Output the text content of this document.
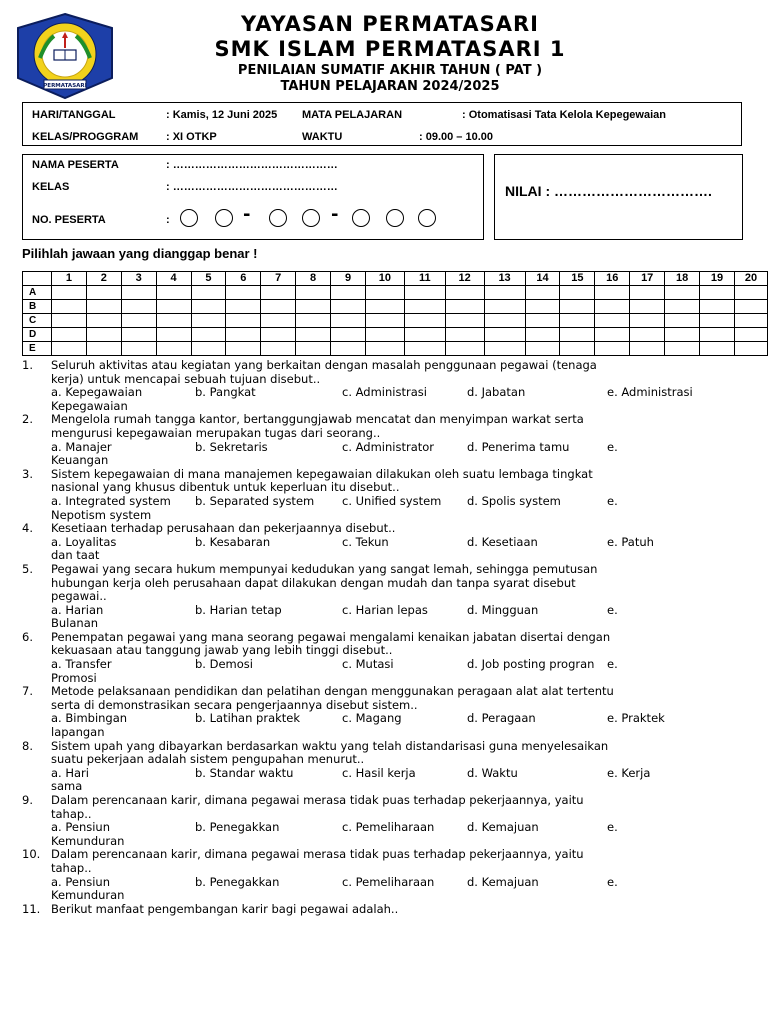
PERMATASARI
YAYASAN PERMATASARI
SMK ISLAM PERMATASARI 1
PENILAIAN SUMATIF AKHIR TAHUN ( PAT )
TAHUN PELAJARAN 2024/2025
HARI/TANGGAL	: Kamis, 12 Juni 2025 MATA PELAJARAN	: Otomatisasi Tata Kelola Kepegewaian
KELAS/PROGGRAM	: XI OTKP	WAKTU	: 09.00 – 10.00
NAMA PESERTA	: ………………………………………
KELAS	: ………………………………………
NO. PESERTA	:	-	-
NILAI : …………………………….
Pilihlah jawaan yang dianggap benar !
	1	2	3	4	5	6	7	8	9	10	11	12	13	14	15	16	17	18	19	20
A																				
B																				
C																				
D																				
E																				
1. Seluruh aktivitas atau kegiatan yang berkaitan dengan masalah penggunaan pegawai (tenaga
kerja) untuk mencapai sebuah tujuan disebut..
a. Kepegawaian	b. Pangkat	c. Administrasi	d. Jabatan	e. Administrasi
Kepegawaian
2. Mengelola rumah tangga kantor, bertanggungjawab mencatat dan menyimpan warkat serta
mengurusi kepegawaian merupakan tugas dari seorang..
a. Manajer	b. Sekretaris	c. Administrator	d. Penerima tamu	e.
Keuangan
3. Sistem kepegawaian di mana manajemen kepegawaian dilakukan oleh suatu lembaga tingkat
nasional yang khusus dibentuk untuk keperluan itu disebut..
a. Integrated system b. Separated system c. Unified system d. Spolis system	e.
Nepotism system
4. Kesetiaan terhadap perusahaan dan pekerjaannya disebut..
a. Loyalitas	b. Kesabaran	c. Tekun	d. Kesetiaan	e. Patuh
dan taat
5. Pegawai yang secara hukum mempunyai kedudukan yang sangat lemah, sehingga pemutusan
hubungan kerja oleh perusahaan dapat dilakukan dengan mudah dan tanpa syarat disebut
pegawai..
a. Harian	b. Harian tetap	c. Harian lepas	d. Mingguan	e.
Bulanan
6. Penempatan pegawai yang mana seorang pegawai mengalami kenaikan jabatan disertai dengan
kekuasaan atau tanggung jawab yang lebih tinggi disebut..
a. Transfer	b. Demosi	c. Mutasi	d. Job posting progran e.
Promosi
7. Metode pelaksanaan pendidikan dan pelatihan dengan menggunakan peragaan alat alat tertentu
serta di demonstrasikan secara pengerjaannya disebut sistem..
a. Bimbingan	b. Latihan praktek	c. Magang	d. Peragaan	e. Praktek
lapangan
8. Sistem upah yang dibayarkan berdasarkan waktu yang telah distandarisasi guna menyelesaikan
suatu pekerjaan adalah sistem pengupahan menurut..
a. Hari	b. Standar waktu	c. Hasil kerja	d. Waktu	e. Kerja
sama
9. Dalam perencanaan karir, dimana pegawai merasa tidak puas terhadap pekerjaannya, yaitu
tahap..
a. Pensiun	b. Penegakkan	c. Pemeliharaan	d. Kemajuan	e.
Kemunduran
10. Dalam perencanaan karir, dimana pegawai merasa tidak puas terhadap pekerjaannya, yaitu
tahap..
a. Pensiun	b. Penegakkan	c. Pemeliharaan	d. Kemajuan	e.
Kemunduran
11. Berikut manfaat pengembangan karir bagi pegawai adalah..
